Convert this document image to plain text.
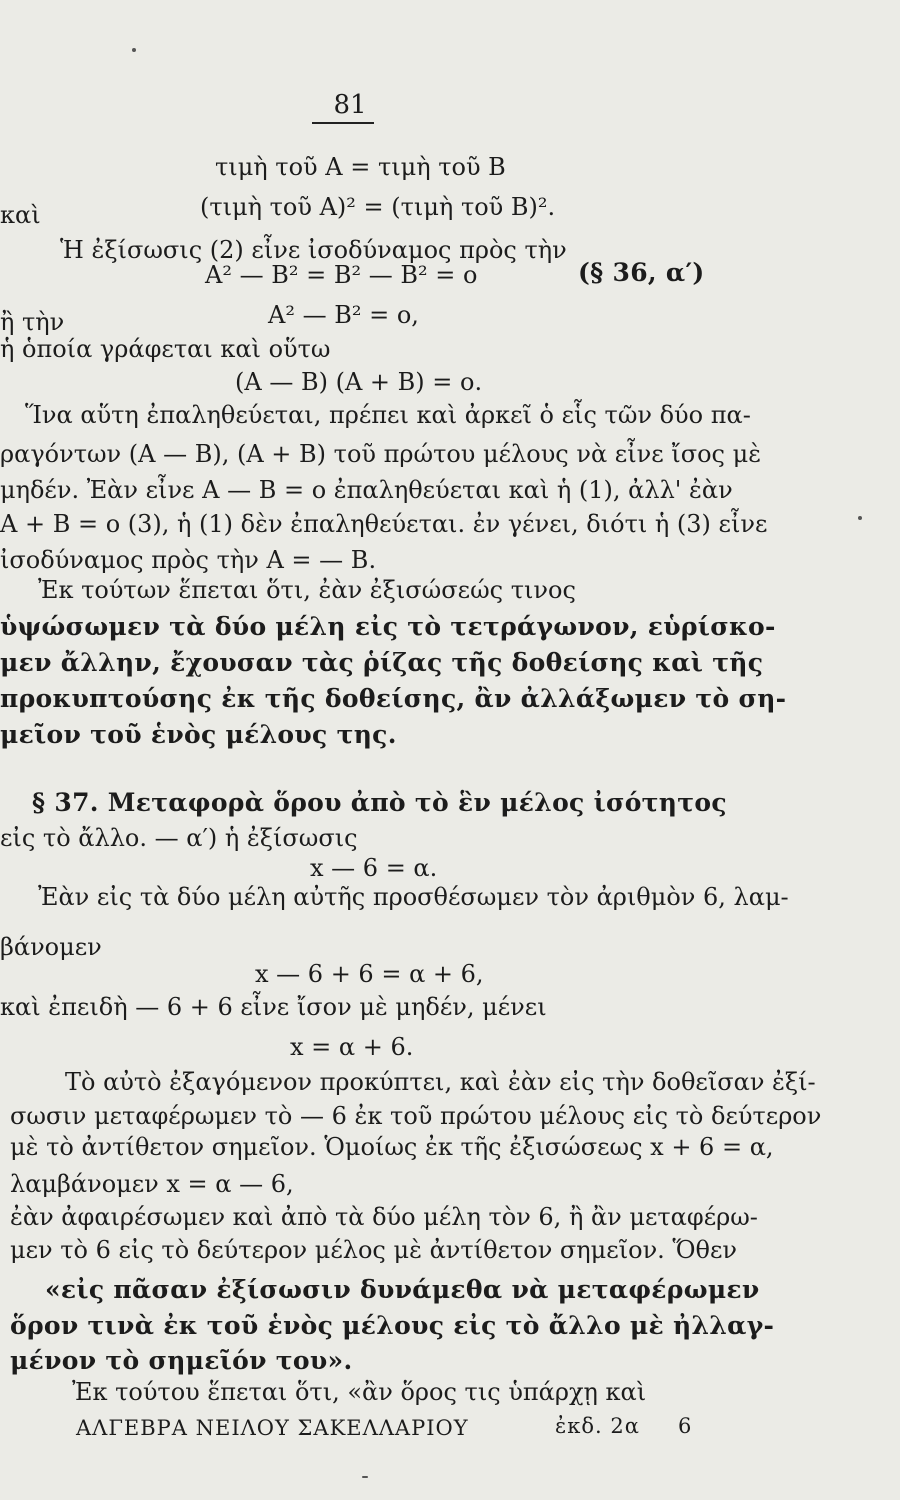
81
τιμὴ τοῦ Α = τιμὴ τοῦ Β
καὶ	(τιμὴ τοῦ Α)² = (τιμὴ τοῦ Β)².
Ἡ ἐξίσωσις (2) εἶνε ἰσοδύναμος πρὸς τὴν
Α² — Β² = Β² — Β² = ο	(§ 36, α′)
ἢ τὴν	Α² — Β² = ο,
ἡ ὁποία γράφεται καὶ οὕτω
(Α — Β) (Α + Β) = ο.
Ἵνα αὕτη ἐπαληθεύεται, πρέπει καὶ ἀρκεῖ ὁ εἷς τῶν δύο πα-
ραγόντων (Α — Β), (Α + Β) τοῦ πρώτου μέλους νὰ εἶνε ἴσος μὲ
μηδέν. Ἐὰν εἶνε Α — Β = ο ἐπαληθεύεται καὶ ἡ (1), ἀλλ' ἐὰν
Α + Β = ο (3), ἡ (1) δὲν ἐπαληθεύεται. ἐν γένει, διότι ἡ (3) εἶνε
ἰσοδύναμος πρὸς τὴν Α = — Β.
Ἐκ τούτων ἕπεται ὅτι, ἐὰν ἐξισώσεώς τινος
ὑψώσωμεν τὰ δύο μέλη εἰς τὸ τετράγωνον, εὑρίσκο-
μεν ἄλλην, ἔχουσαν τὰς ῥίζας τῆς δοθείσης καὶ τῆς
προκυπτούσης ἐκ τῆς δοθείσης, ἂν ἀλλάξωμεν τὸ ση-
μεῖον τοῦ ἑνὸς μέλους της.
§ 37. Μεταφορὰ ὅρου ἀπὸ τὸ ἓν μέλος ἰσότητος
εἰς τὸ ἄλλο. — α′) ἡ ἐξίσωσις
x — 6 = α.
Ἐὰν εἰς τὰ δύο μέλη αὐτῆς προσθέσωμεν τὸν ἀριθμὸν 6, λαμ-
βάνομεν
x — 6 + 6 = α + 6,
καὶ ἐπειδὴ — 6 + 6 εἶνε ἴσον μὲ μηδέν, μένει
x = α + 6.
Τὸ αὐτὸ ἐξαγόμενον προκύπτει, καὶ ἐὰν εἰς τὴν δοθεῖσαν ἐξί-
σωσιν μεταφέρωμεν τὸ — 6 ἐκ τοῦ πρώτου μέλους εἰς τὸ δεύτερον
μὲ τὸ ἀντίθετον σημεῖον. Ὁμοίως ἐκ τῆς ἐξισώσεως x + 6 = α,
λαμβάνομεν x = α — 6,
ἐὰν ἀφαιρέσωμεν καὶ ἀπὸ τὰ δύο μέλη τὸν 6, ἢ ἂν μεταφέρω-
μεν τὸ 6 εἰς τὸ δεύτερον μέλος μὲ ἀντίθετον σημεῖον. Ὅθεν
«εἰς πᾶσαν ἐξίσωσιν δυνάμεθα νὰ μεταφέρωμεν
ὅρον τινὰ ἐκ τοῦ ἑνὸς μέλους εἰς τὸ ἄλλο μὲ ἠλλαγ-
μένον τὸ σημεῖόν του».
Ἐκ τούτου ἕπεται ὅτι, «ἂν ὅρος τις ὑπάρχῃ καὶ
ΑΛΓΕΒΡΑ ΝΕΙΛΟΥ ΣΑΚΕΛΛΑΡΙΟΥ	ἐκδ. 2α 6
